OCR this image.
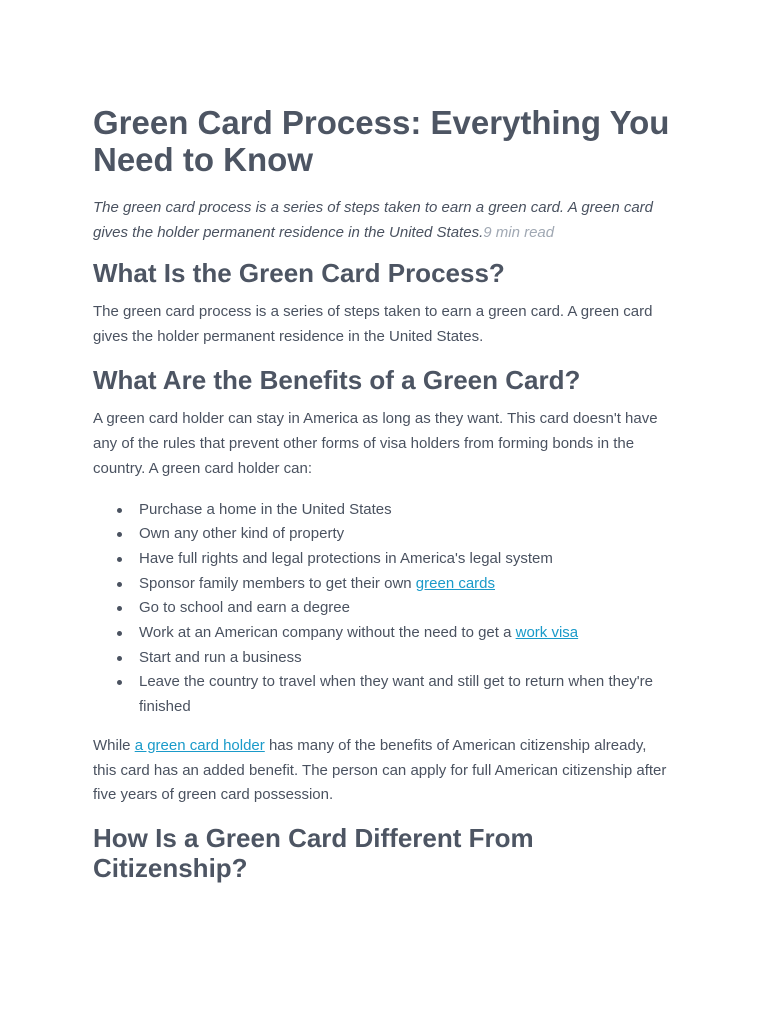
Green Card Process: Everything You Need to Know

The green card process is a series of steps taken to earn a green card. A green card gives the holder permanent residence in the United States.9 min read

What Is the Green Card Process?

The green card process is a series of steps taken to earn a green card. A green card gives the holder permanent residence in the United States.

What Are the Benefits of a Green Card?

A green card holder can stay in America as long as they want. This card doesn't have any of the rules that prevent other forms of visa holders from forming bonds in the country. A green card holder can:

Purchase a home in the United States
Own any other kind of property
Have full rights and legal protections in America's legal system
Sponsor family members to get their own green cards
Go to school and earn a degree
Work at an American company without the need to get a work visa
Start and run a business
Leave the country to travel when they want and still get to return when they're finished

While a green card holder has many of the benefits of American citizenship already, this card has an added benefit. The person can apply for full American citizenship after five years of green card possession.

How Is a Green Card Different From Citizenship?
